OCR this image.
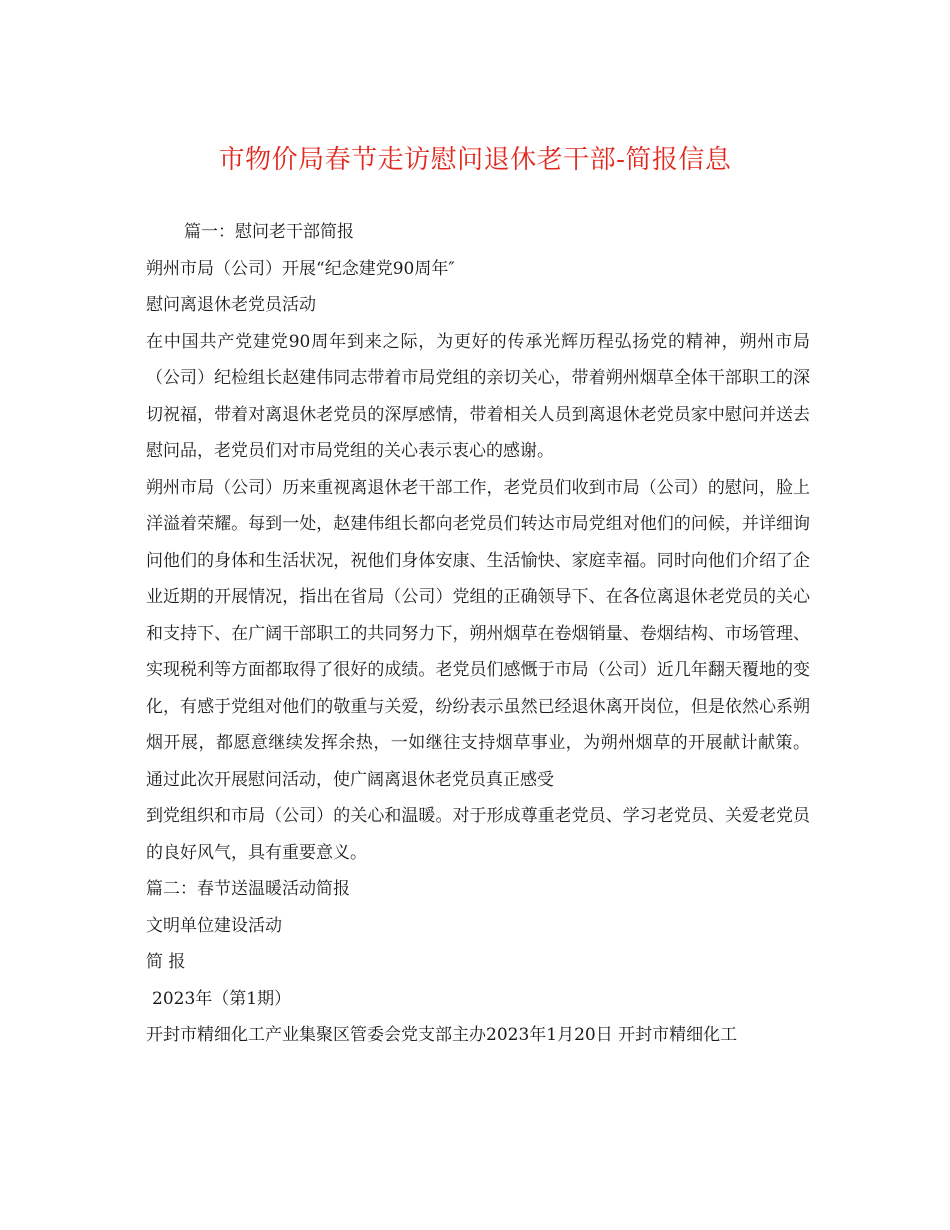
市物价局春节走访慰问退休老干部-简报信息
篇一：慰问老干部简报
朔州市局（公司）开展“纪念建党90周年″
慰问离退休老党员活动

在中国共产党建党90周年到来之际，为更好的传承光辉历程弘扬党的精神，朔州市局（公司）纪检组长赵建伟同志带着市局党组的亲切关心，带着朔州烟草全体干部职工的深切祝福，带着对离退休老党员的深厚感情，带着相关人员到离退休老党员家中慰问并送去慰问品，老党员们对市局党组的关心表示衷心的感谢。

朔州市局（公司）历来重视离退休老干部工作，老党员们收到市局（公司）的慰问，脸上洋溢着荣耀。每到一处，赵建伟组长都向老党员们转达市局党组对他们的问候，并详细询问他们的身体和生活状况，祝他们身体安康、生活愉快、家庭幸福。同时向他们介绍了企业近期的开展情况，指出在省局（公司）党组的正确领导下、在各位离退休老党员的关心和支持下、在广阔干部职工的共同努力下，朔州烟草在卷烟销量、卷烟结构、市场管理、实现税利等方面都取得了很好的成绩。老党员们感慨于市局（公司）近几年翻天覆地的变化，有感于党组对他们的敬重与关爱，纷纷表示虽然已经退休离开岗位，但是依然心系朔烟开展，都愿意继续发挥余热，一如继往支持烟草事业，为朔州烟草的开展献计献策。 通过此次开展慰问活动，使广阔离退休老党员真正感受

到党组织和市局（公司）的关心和温暖。对于形成尊重老党员、学习老党员、关爱老党员的良好风气，具有重要意义。

篇二：春节送温暖活动简报
文明单位建设活动
简 报
2023年（第1期）
开封市精细化工产业集聚区管委会党支部主办2023年1月20日 开封市精细化工
